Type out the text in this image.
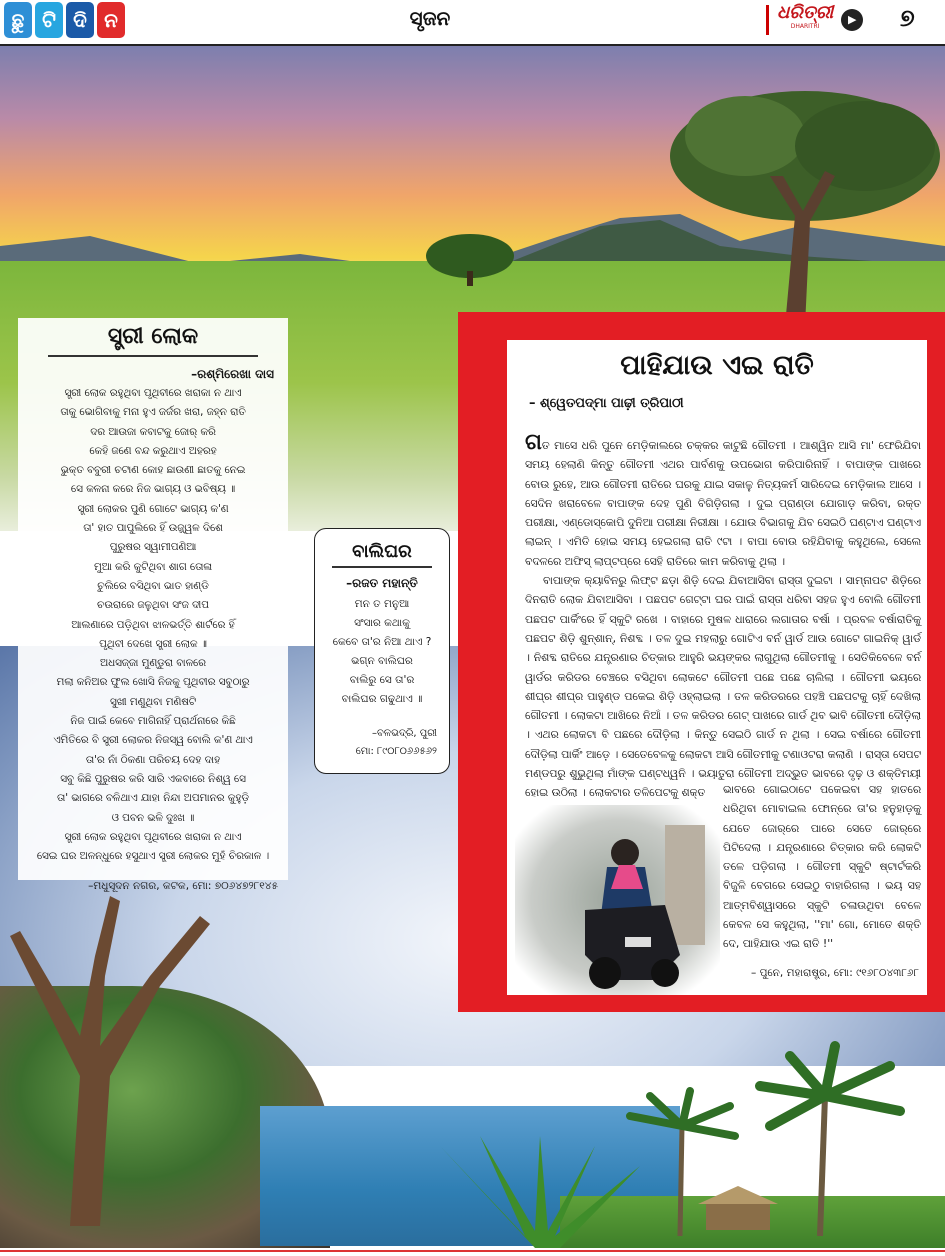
ଛୁ ଟି ଦି ନ	ସୃଜନ	ଧରିତ୍ରୀ
DHARITRI
▶ ୭
ସ୍ତ୍ରୀ ଲୋକ
–ରଶ୍ମିରେଖା ଦାସ
ସ୍ତ୍ରୀ ଲୋକ ରହୁଥିବା ପୃଥିବୀରେ ଖରାକା ନ ଥାଏ
ତାକୁ ଭୋଗିବାକୁ ମନା ହୁଏ ଜର୍ଜର ଖରା, ଜହ୍ନ ରାତି
ଦର ଆଉଜା କବାଟକୁ ଜୋର୍ କରି
କେହି ଜଣେ ବନ୍ଦ କରୁଥାଏ ଅହରହ
ଭୁକ୍ତ ବବୁରୀ ଚଟାଣ କୋହ ଛାଉଣୀ ଛାତକୁ ନେଇ
ସେ କଳନା କରେ ନିଜ ଭାଗ୍ୟ ଓ ଭବିଷ୍ୟ ॥
ସ୍ତ୍ରୀ ଲୋକର ପୁଣି ଗୋଟେ ଭାଗ୍ୟ କ'ଣ
ତା' ହାତ ପାପୁଲିରେ ହିଁ ଉଜ୍ଜ୍ୱଳ ଦିଶେ
ପୁରୁଷର ସ୍ୱାମୀପଣିଆ
ମୁଆ କରି କୁଟିଥିବା ଶାଗ ତୋଳା
ଚୁଲିରେ ବସିଥିବା ଭାତ ହାଣ୍ଡି
ଚଉରାରେ ଜଳୁଥିବା ସଂଜ ଦୀପ
ଆଲଣାରେ ପଡ଼ିଥିବା ଝାଳଭର୍ତ୍ତି ଶାର୍ଟରେ ହିଁ
ପୃଥିବୀ ଦେଖେ ସ୍ତ୍ରୀ ଲୋକ ॥
ଅଧସଜ୍ଜା ମୁଣ୍ଡୁରା ବାଳରେ
ମଲା କନିଅର ଫୁଲ ଖୋସି ନିଜକୁ ପୃଥିବୀର ସବୁଠାରୁ
ସୁଖୀ ମଣୁଥିବା ମଣିଷଟି
ନିଜ ପାଇଁ କେବେ ମାଗିନାହିଁ ପ୍ରାର୍ଥନାରେ କିଛି
ଏମିତିରେ ବି ସ୍ତ୍ରୀ ଲୋକର ନିଜସ୍ୱ ବୋଲି କ'ଣ ଥାଏ
ତା'ର ନାଁ ଠିକଣା ପରିଚୟ ଦେହ ଦାହ
ସବୁ କିଛି ପୁରୁଷର କରି ସାରି ଏକବାରେ ନିଶ୍ୱ ସେ
ତା' ଭାଗରେ ବଳିଥାଏ ଯାହା ନିନ୍ଦା ଅପମାନର କୁହୁଡ଼ି
ଓ ପବନ ଭଳି ଦୁଃଖ ॥
ସ୍ତ୍ରୀ ଲୋକ ରହୁଥିବା ପୃଥିବୀରେ ଖରାକା ନ ଥାଏ
ସେଇ ଘର ଅଳନ୍ଧୁରେ ହସୁଥାଏ ସ୍ତ୍ରୀ ଲୋକର ମୁହଁ ଚିରକାଳ ।
–ମଧୁସୂଦନ ନଗର, କଟକ, ମୋ: ୭୦୬୪୭୨୮୧୪୫
ବାଲିଘର
–ରଜତ ମହାନ୍ତି
ମନ ତ ମନୁଆ
ସଂସାର କଥାକୁ
କେବେ ତା'ର ନିଆ ଥାଏ ?
ଭଗ୍ନ ବାଲିଘର
ବାଲିରୁ ସେ ତା'ର
ବାଲିଘର ଗଢୁଥାଏ ॥
–ବଳଭଦ୍ରି, ପୁରୀ
ମୋ: ୮୯୦୮୦୬୬୫୬୨
ପାହିଯାଉ ଏଇ ରାତି
– ଶ୍ୱେତପଦ୍ମା ପାଢ଼ୀ ତ୍ରିପାଠୀ

ଗତ ମାସେ ଧରି ପୁନେ ମେଡ଼ିକାଲରେ ଚକ୍କର କାଟୁଛି ଗୌତମୀ । ଆଶ୍ୱିନ ଆସି ମା' ଫେରିଯିବା ସମୟ ହେଲାଣି କିନ୍ତୁ ଗୌତମୀ ଏଥର ପାର୍ବଣକୁ ଉପଭୋଗ କରିପାରିନାହିଁ । ବାପାଙ୍କ ପାଖରେ ବୋଉ ରୁହେ, ଆଉ ଗୌତମୀ ରାତିରେ ଘରକୁ ଯାଇ ସକାଳୁ ନିତ୍ୟକର୍ମ ସାରିଦେଇ ମେଡ଼ିକାଲ ଆସେ । ସେଦିନ ଖରାବେଳେ ବାପାଙ୍କ ଦେହ ପୁଣି ବିଗିଡ଼ିଗଲା । ଦୁଇ ପ୍ରାଣ୍ଡା ଯୋଗାଡ଼ କରିବା, ରକ୍ତ ପରୀକ୍ଷା, ଏଣ୍ଡୋସ୍କୋପି ଦୁନିଆ ପରୀକ୍ଷା ନିରୀକ୍ଷା । ଯୋଉ ବିଭାଗକୁ ଯିବ ସେଇଠି ଘଣ୍ଟାଏ ଘଣ୍ଟାଏ ଲାଇନ୍ । ଏମିତି ହୋଇ ସମୟ ହେଇଗଲା ରାତି ୯ଟା । ବାପା ବୋଉ ରହିଯିବାକୁ କହୁଥିଲେ, ସେଲେ ବଦଳରେ ଅଫିସ୍ ଲାପ୍‌ଟପ୍‌ରେ ସେହି ରାତିରେ କାମ କରିବାକୁ ଥିଲା ।

ବାପାଙ୍କ କ୍ୟାବିନରୁ ଲିଫ୍ଟ ଛଡ଼ା ଶିଡ଼ି ଦେଇ ଯିବାଆସିବା ରାସ୍ତା ଦୁଇଟା । ସାମ୍ନାପଟ ଶିଡ଼ିରେ ଦିନରାତି ଲୋକ ଯିବାଆସିବା । ପଛପଟ ଗେଟ୍‌ଟା ଘର ପାଇଁ ରାସ୍ତା ଧରିବା ସହଜ ହୁଏ ବୋଲି ଗୌତମୀ ପଛପଟ ପାର୍କିଂରେ ହିଁ ସ୍କୁଟି ରଖେ । ବାହାରେ ମୁଷଳ ଧାରାରେ ଲଗାତାର ବର୍ଷା । ପ୍ରବଳ ବର୍ଷାରାତିକୁ ପଛପଟ ଶିଡ଼ି ଶୁନ୍‌ଶାନ୍, ନିଶବ୍ଦ । ତଳ ଦୁଇ ମହଲାରୁ ଗୋଟିଏ ବର୍ନ ୱାର୍ଡ ଆଉ ଗୋଟେ ଗାଇନିକ୍ ୱାର୍ଡ । ନିଶବ୍ଦ ରାତିରେ ଯନ୍ତ୍ରଣାର ଚିତ୍କାର ଆହୁରି ଭୟଙ୍କର ଲାଗୁଥିଲା ଗୌତମୀକୁ । ସେତିକିବେଳେ ବର୍ନ ୱାର୍ଡର କରିଡର ବେଞ୍ଚରେ ବସିଥିବା ଲୋକଟେ ଗୌତମୀ ପଛେ ପଛେ ଚାଲିଲା । ଗୌତମୀ ଭୟରେ ଶୀଘ୍ର ଶୀଘ୍ର ପାହୁଣ୍ଡ ପକେଇ ଶିଡ଼ି ଓହ୍ଲାଇଲା । ତଳ କରିଡରରେ ପହଞ୍ଚି ପଛପଟକୁ ଚାହିଁ ଦେଖିଲା ଗୌତମୀ । ଲୋକଟା ଆଖିରେ ନିଆଁ । ତଳ କରିଡର ଗେଟ୍ ପାଖରେ ଗାର୍ଡ ଥିବ ଭାବି ଗୌତମୀ ଦୌଡ଼ିଲା । ଏଥର ଲୋକଟା ବି ପଛରେ ଦୌଡ଼ିଲା । କିନ୍ତୁ ସେଇଠି ଗାର୍ଡ ନ ଥିଲା । ସେଇ ବର୍ଷାରେ ଗୌତମୀ ଦୌଡ଼ିଲା ପାର୍କିଂ ଆଡ଼େ । ସେତେବେଳକୁ ଲୋକଟା ଆସି ଗୌତମୀକୁ ଟଣାଓଟରା କଲାଣି । ରାସ୍ତା ସେପଟ ମଣ୍ଡପରୁ ଶୁଭୁଥିଲା ମାଁଙ୍କ ଘଣ୍ଟଧ୍ୱନି । ଭୟାତୁରା ଗୌତମୀ ଅଦ୍ଭୁତ ଭାବରେ ଦୃଢ଼ ଓ ଶକ୍ତିମୟୀ ହୋଇ ଉଠିଲା । ଲୋକଟାର ତଳିପେଟକୁ ଶକ୍ତ	ଭାବରେ ଗୋଇଠାଟେ ପକେଇବା ସହ ହାତରେ ଧରିଥିବା ମୋବାଇଲ ଫୋନ୍‌ରେ ତା'ର ହନୁହାଡ଼କୁ ଯେତେ ଜୋର୍‌ରେ ପାରେ ସେତେ ଜୋର୍‌ରେ ପିଟିଦେଲା । ଯନ୍ତ୍ରଣାରେ ଚିତ୍କାର କରି ଲୋକଟି ତଳେ ପଡ଼ିଗଲା । ଗୌତମୀ ସ୍କୁଟି ଷ୍ଟାର୍ଟକରି ବିଜୁଳି ବେଗରେ ସେଇଠୁ ବାହାରିଗଲା । ଭୟ ସହ ଆତ୍ମବିଶ୍ୱାସରେ ସ୍କୁଟି ଚଳାଉଥିବା ବେଳେ କେବଳ ସେ କହୁଥିଲା, ''ମା' ଗୋ, ମୋତେ ଶକ୍ତି ଦେ, ପାହିଯାଉ ଏଇ ରାତି !''
– ପୁନେ, ମହାରାଷ୍ଟ୍ର, ମୋ: ୯୧୬୮୦୪୩୮୬୮
